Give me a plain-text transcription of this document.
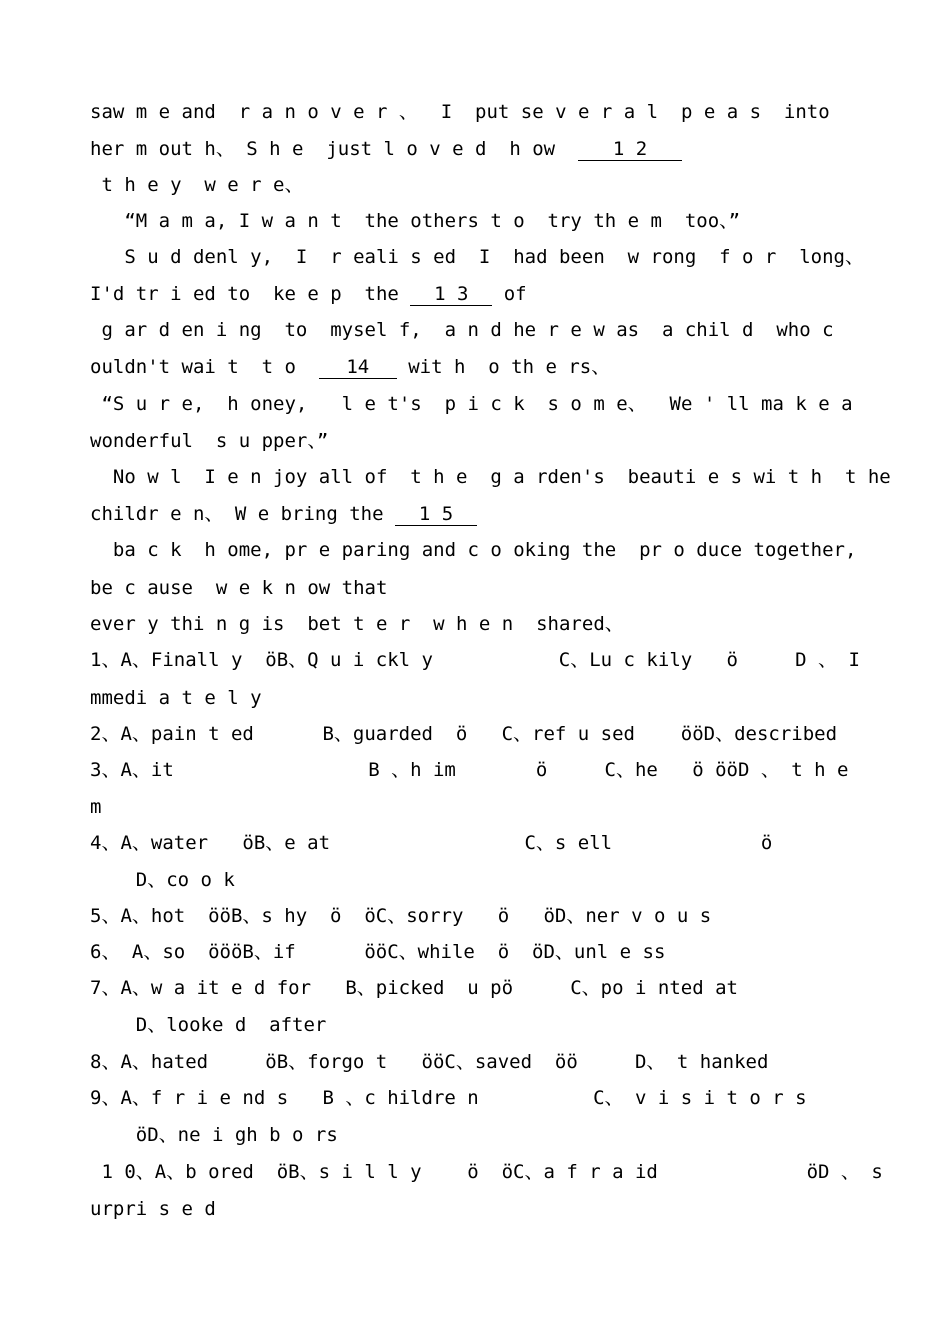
saw m e and  r a n o v e r 、  I  put se v e r a l  p e a s  into
her m out h、 S h e  just l o v e d  h ow  1 2
t h e y  w e r e、
“M a m a, I w a n t  the others t o  try th e m  too、”
S u d denl y,  I  r eali s ed  I  had been  w rong  f o r  long、
I'd tr i ed to  ke e p  the 1 3 of
g ar d en i ng  to  mysel f,  a n d he r e w as  a chil d  who c
ouldn't wai t  t o  14 wit h  o th e rs、
“S u r e,  h oney,   l e t's  p i c k  s o m e、  We ' ll ma k e a
wonderful  s u pper、”
No w l  I e n joy all of  t h e  g a rden's  beauti e s wi t h  t he
childr e n、 W e bring the 1 5
ba c k  h ome, pr e paring and c o oking the  pr o duce together,
be c ause  w e k n ow that
ever y thi n g is  bet t e r  w h e n  shared、
1、A、Finall y  ӧB、Q u i ckl y           C、Lu c kily   ӧ     D 、 I
mmedi a t e l y
2、A、pain t ed      B、guarded  ӧ   C、ref u sed    ӧӧD、described
3、A、it                 B 、h im       ӧ     C、he   ӧ ӧӧD 、 t h e
m
4、A、water   ӧB、e at                 C、s ell             ӧ
D、co o k
5、A、hot  ӧӧB、s hy  ӧ  ӧC、sorry   ӧ   ӧD、ner v o u s
6、 A、so  ӧӧӧB、if      ӧӧC、while  ӧ  ӧD、unl e ss
7、A、w a it e d for   B、picked  u pӧ     C、po i nted at
D、looke d  after
8、A、hated     ӧB、forgo t   ӧӧC、saved  ӧӧ     D、 t hanked
9、A、f r i e nd s   B 、c hildre n          C、 v i s i t o r s
ӧD、ne i gh b o rs
1 0、A、b ored  ӧB、s i l l y    ӧ  ӧC、a f r a id             ӧD 、 s
urpri s e d
